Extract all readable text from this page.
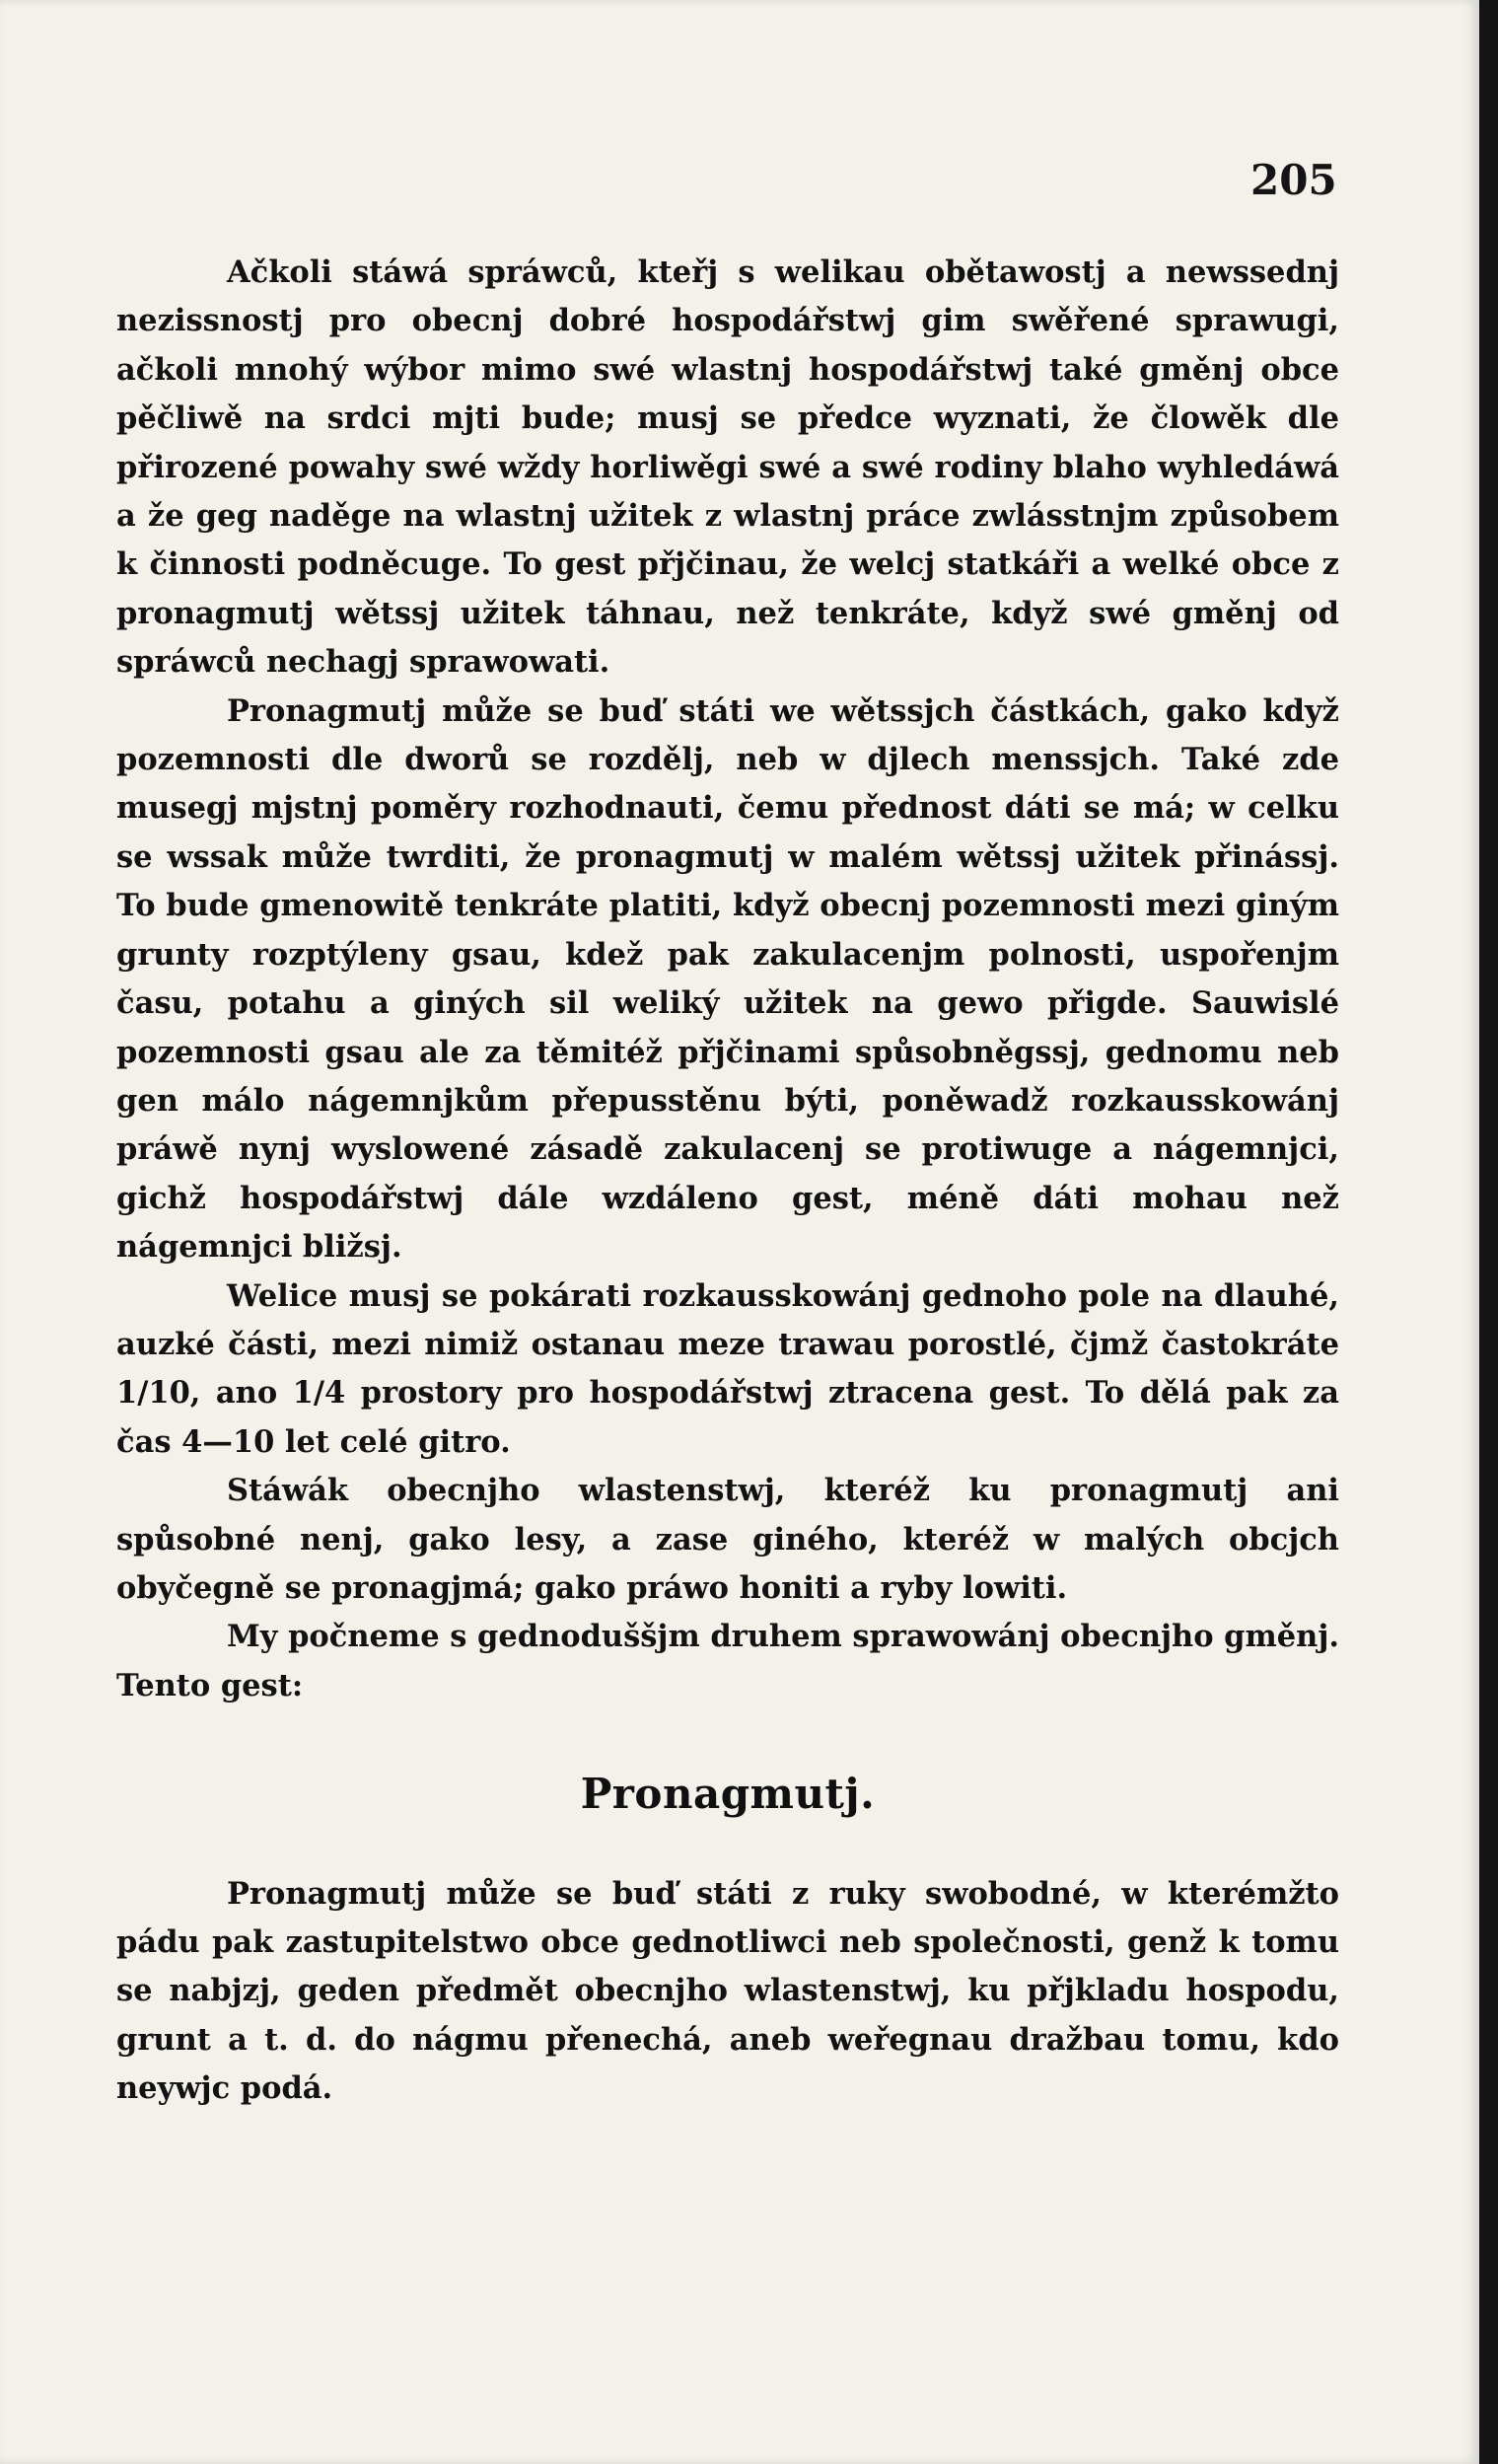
205

Ačkoli stáwá spráwců, kteřj s welikau obětawostj a newssednj nezissnostj pro obecnj dobré hospodářstwj gim swěřené sprawugi, ačkoli mnohý wýbor mimo swé wlastnj hospodářstwj také gměnj obce pěčliwě na srdci mjti bude; musj se předce wyznati, že člowěk dle přirozené powahy swé wždy horliwěgi swé a swé rodiny blaho wyhledáwá a že geg naděge na wlastnj užitek z wlastnj práce zwlásstnjm způsobem k činnosti podněcuge. To gest přjčinau, že welcj statkáři a welké obce z pronagmutj wětssj užitek táhnau, než tenkráte, když swé gměnj od spráwců nechagj sprawowati.

Pronagmutj může se buď státi we wětssjch částkách, gako když pozemnosti dle dworů se rozdělj, neb w djlech menssjch. Také zde musegj mjstnj poměry rozhodnauti, čemu přednost dáti se má; w celku se wssak může twrditi, že pronagmutj w malém wětssj užitek přinássj. To bude gmenowitě tenkráte platiti, když obecnj pozemnosti mezi giným grunty rozptýleny gsau, kdež pak zakulacenjm polnosti, uspořenjm času, potahu a giných sil weliký užitek na gewo přigde. Sauwislé pozemnosti gsau ale za těmitéž přjčinami spůsobněgssj, gednomu neb gen málo nágemnjkům přepusstěnu býti, poněwadž rozkausskowánj práwě nynj wyslowené zásadě zakulacenj se protiwuge a nágemnjci, gichž hospodářstwj dále wzdáleno gest, méně dáti mohau než nágemnjci bližsj.

Welice musj se pokárati rozkausskowánj gednoho pole na dlauhé, auzké části, mezi nimiž ostanau meze trawau porostlé, čjmž častokráte 1/10, ano 1/4 prostory pro hospodářstwj ztracena gest. To dělá pak za čas 4—10 let celé gitro.

Stáwák obecnjho wlastenstwj, kteréž ku pronagmutj ani spůsobné nenj, gako lesy, a zase giného, kteréž w malých obcjch obyčegně se pronagjmá; gako práwo honiti a ryby lowiti.

My počneme s gednoduššjm druhem sprawowánj obecnjho gměnj. Tento gest:

Pronagmutj.

Pronagmutj může se buď státi z ruky swobodné, w kterémžto pádu pak zastupitelstwo obce gednotliwci neb společnosti, genž k tomu se nabjzj, geden předmět obecnjho wlastenstwj, ku přjkladu hospodu, grunt a t. d. do nágmu přenechá, aneb weřegnau dražbau tomu, kdo neywjc podá.
